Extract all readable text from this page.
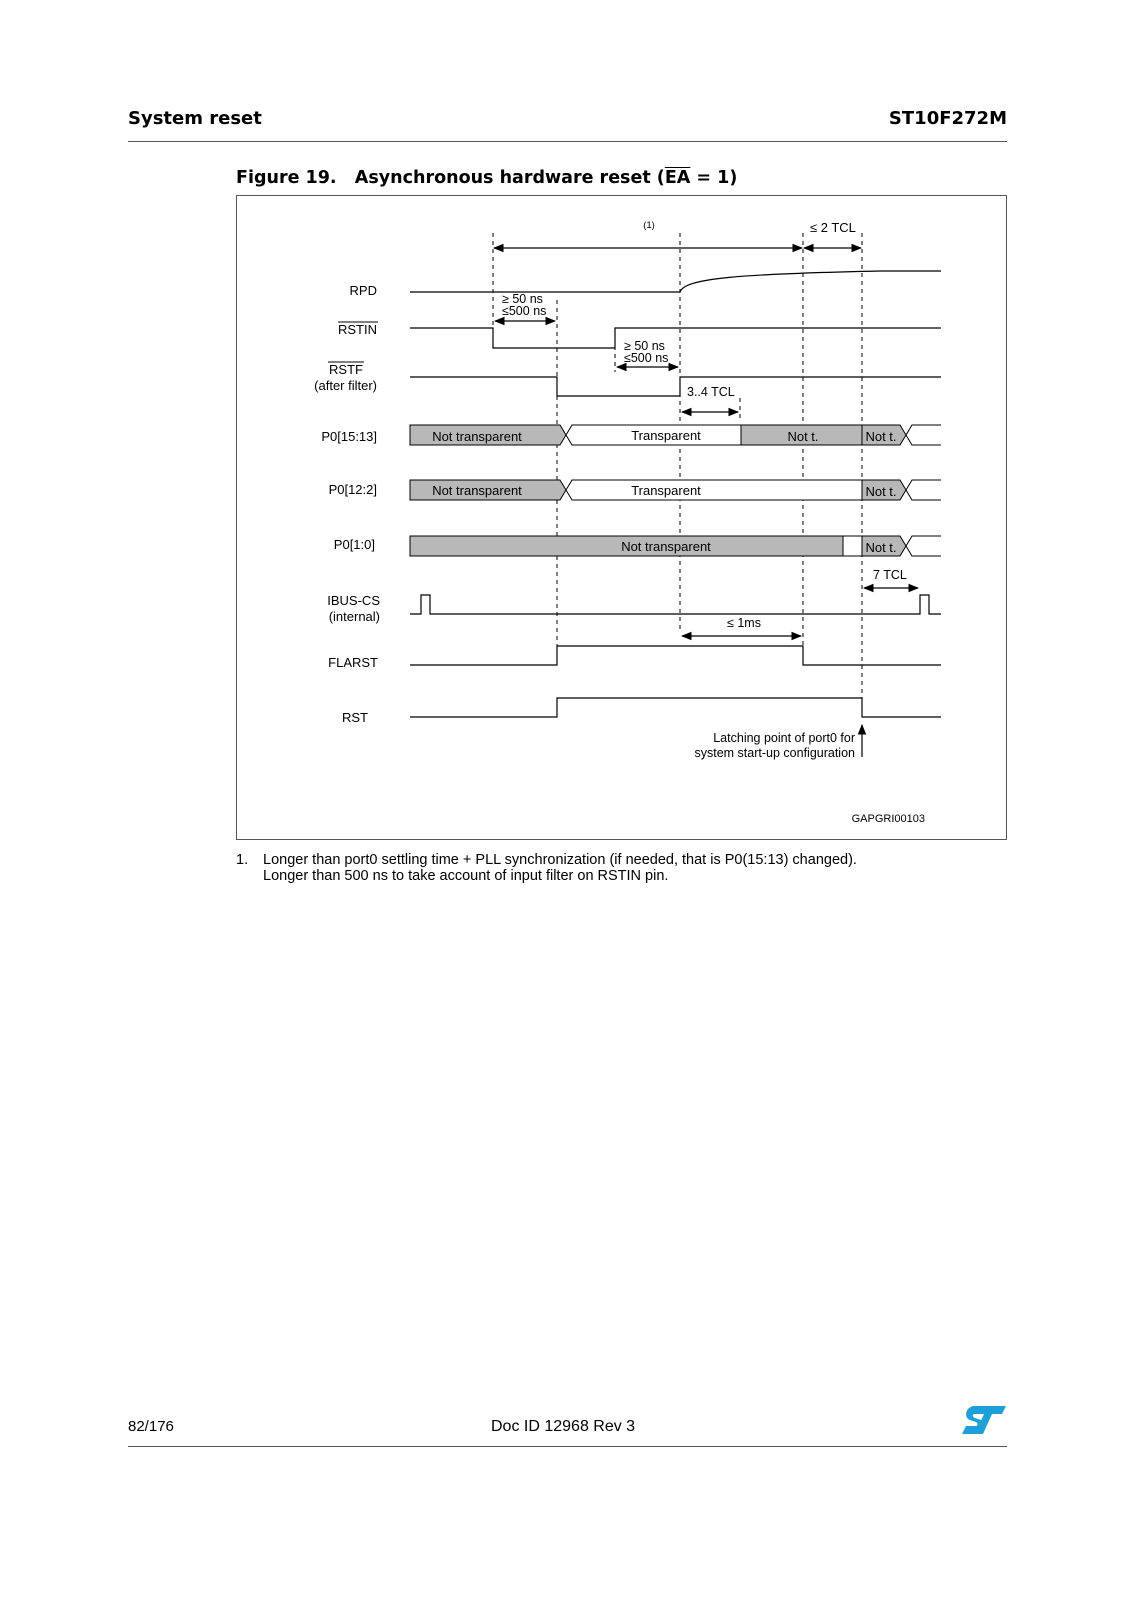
System reset	ST10F272M
Figure 19.   Asynchronous hardware reset $(\overline{EA} = 1)$
(1)	≤ 2 TCL
RPD
RSTIN
RSTF
(after filter)
P0[15:13]
P0[12:2]
P0[1:0]
IBUS-CS
(internal)
FLARST
RST
Not transparent	Transparent	Not t.	Not t.
Not transparent	Transparent	Not t.
Not transparent	Not t.
≥ 50 ns
≤500 ns
≥ 50 ns
≤500 ns
3..4 TCL
7 TCL
≤ 1ms
Latching point of port0 for
system start-up configuration
GAPGRI00103
1. Longer than port0 settling time + PLL synchronization (if needed, that is P0(15:13) changed).
Longer than 500 ns to take account of input filter on RSTIN pin.
82/176	Doc ID 12968 Rev 3
